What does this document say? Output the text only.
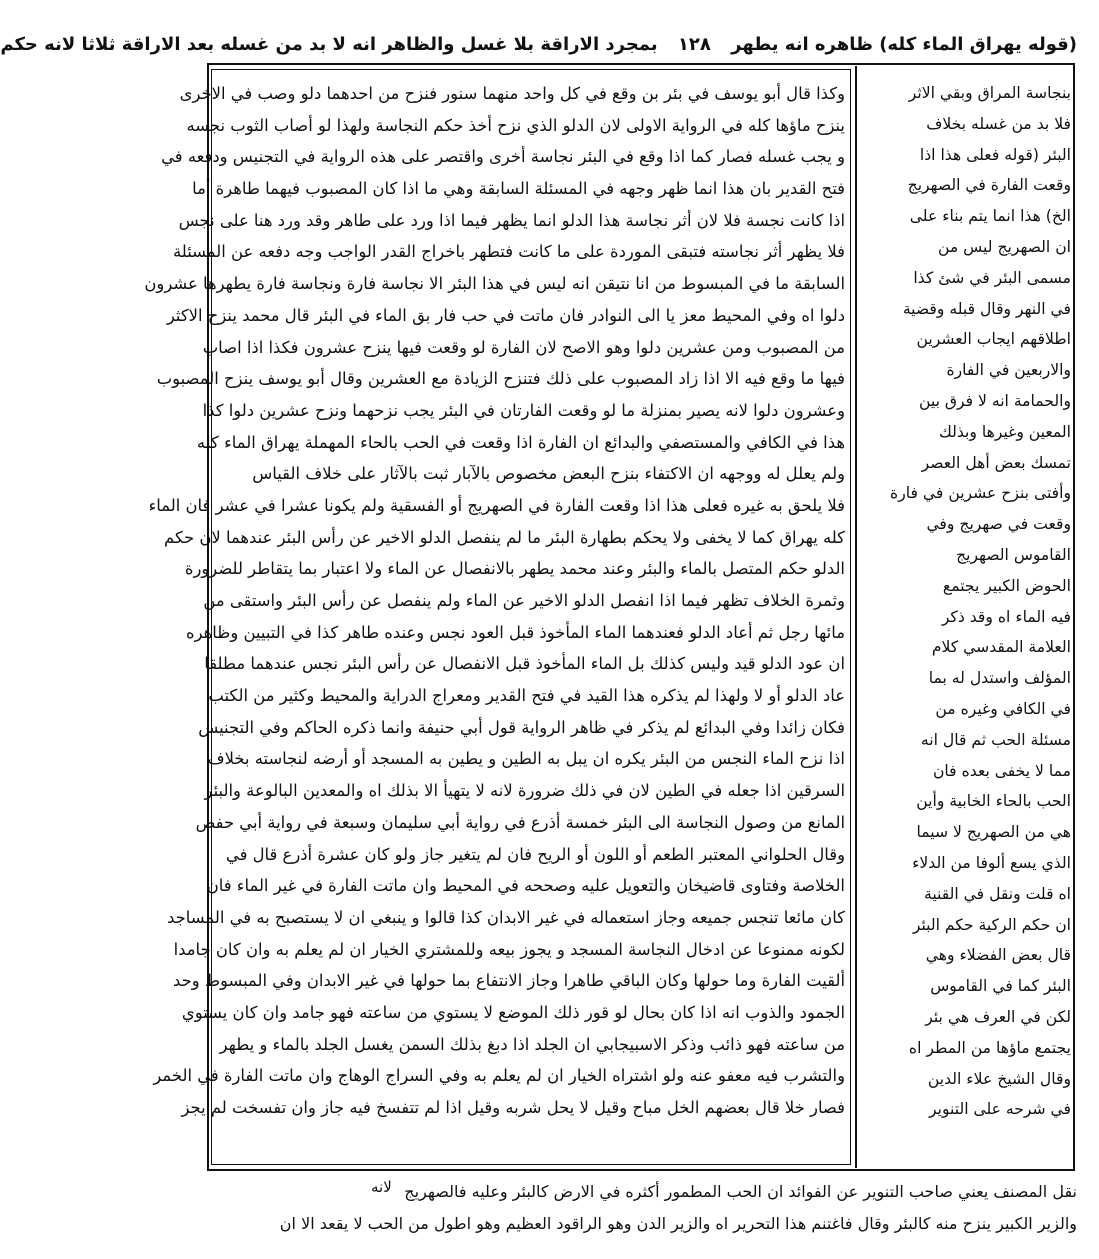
(قوله يهراق الماء كله) ظاهره انه يطهر ١٢٨ بمجرد الاراقة بلا غسل والظاهر انه لا بد من غسله بعد الاراقة ثلاثا لانه حكم

وكذا قال أبو يوسف في بئر بن وقع في كل واحد منهما سنور فنزح من احدهما دلو وصب في الاخرى

ينزح ماؤها كله في الرواية الاولى لان الدلو الذي نزح أخذ حكم النجاسة ولهذا لو أصاب الثوب نجسه

و يجب غسله فصار كما اذا وقع في البئر نجاسة أخرى واقتصر على هذه الرواية في التجنيس ودفعه في

فتح القدير بان هذا انما ظهر وجهه في المسئلة السابقة وهي ما اذا كان المصبوب فيهما طاهرة أما

اذا كانت نجسة فلا لان أثر نجاسة هذا الدلو انما يظهر فيما اذا ورد على طاهر وقد ورد هنا على نجس

فلا يظهر أثر نجاسته فتبقى الموردة على ما كانت فتطهر باخراج القدر الواجب وجه دفعه عن المسئلة

السابقة ما في المبسوط من انا نتيقن انه ليس في هذا البئر الا نجاسة فارة ونجاسة فارة يطهرها عشرون

دلوا اه وفي المحيط معز يا الى النوادر فان ماتت في حب فار بق الماء في البئر قال محمد ينزح الاكثر

من المصبوب ومن عشرين دلوا وهو الاصح لان الفارة لو وقعت فيها ينزح عشرون فكذا اذا اصاب

فيها ما وقع فيه الا اذا زاد المصبوب على ذلك فتنزح الزيادة مع العشرين وقال أبو يوسف ينزح المصبوب

وعشرون دلوا لانه يصير بمنزلة ما لو وقعت الفارتان في البئر يجب نزحهما ونزح عشرين دلوا كذا

هذا في الكافي والمستصفي والبدائع ان الفارة اذا وقعت في الحب بالحاء المهملة يهراق الماء كله

ولم يعلل له ووجهه ان الاكتفاء بنزح البعض مخصوص بالآبار ثبت بالآثار على خلاف القياس

فلا يلحق به غيره فعلى هذا اذا وقعت الفارة في الصهريج أو الفسقية ولم يكونا عشرا في عشر فان الماء

كله يهراق كما لا يخفى ولا يحكم بطهارة البئر ما لم ينفصل الدلو الاخير عن رأس البئر عندهما لان حكم

الدلو حكم المتصل بالماء والبئر وعند محمد يطهر بالانفصال عن الماء ولا اعتبار بما يتقاطر للضرورة

وثمرة الخلاف تظهر فيما اذا انفصل الدلو الاخير عن الماء ولم ينفصل عن رأس البئر واستقى من

مائها رجل ثم أعاد الدلو فعندهما الماء المأخوذ قبل العود نجس وعنده طاهر كذا في التبيين وظاهره

ان عود الدلو قيد وليس كذلك بل الماء المأخوذ قبل الانفصال عن رأس البئر نجس عندهما مطلقا

عاد الدلو أو لا ولهذا لم يذكره هذا القيد في فتح القدير ومعراج الدراية والمحيط وكثير من الكتب

فكان زائدا وفي البدائع لم يذكر في ظاهر الرواية قول أبي حنيفة وانما ذكره الحاكم وفي التجنيس

اذا نزح الماء النجس من البئر يكره ان يبل به الطين و يطين به المسجد أو أرضه لنجاسته بخلاف

السرقين اذا جعله في الطين لان في ذلك ضرورة لانه لا يتهيأ الا بذلك اه والمعدين البالوعة والبئر

المانع من وصول النجاسة الى البئر خمسة أذرع في رواية أبي سليمان وسبعة في رواية أبي حفص

وقال الحلواني المعتبر الطعم أو اللون أو الريح فان لم يتغير جاز ولو كان عشرة أذرع قال في

الخلاصة وفتاوى قاضيخان والتعويل عليه وصححه في المحيط وان ماتت الفارة في غير الماء فان

كان مائعا تنجس جميعه وجاز استعماله في غير الابدان كذا قالوا و ينبغي ان لا يستصبح به في المساجد

لكونه ممنوعا عن ادخال النجاسة المسجد و يجوز بيعه وللمشتري الخيار ان لم يعلم به وان كان جامدا

ألقيت الفارة وما حولها وكان الباقي طاهرا وجاز الانتفاع بما حولها في غير الابدان وفي المبسوط وحد

الجمود والذوب انه اذا كان بحال لو قور ذلك الموضع لا يستوي من ساعته فهو جامد وان كان يستوي

من ساعته فهو ذائب وذكر الاسبيجابي ان الجلد اذا دبغ بذلك السمن يغسل الجلد بالماء و يطهر

والتشرب فيه معفو عنه ولو اشتراه الخيار ان لم يعلم به وفي السراج الوهاج وان ماتت الفارة في الخمر

فصار خلا قال بعضهم الخل مباح وقيل لا يحل شربه وقيل اذا لم تتفسخ فيه جاز وان تفسخت لم يجز

بنجاسة المراق وبقي الاثر

فلا بد من غسله بخلاف

البئر (قوله فعلى هذا اذا

وقعت الفارة في الصهريج

الخ) هذا انما يتم بناء على

ان الصهريج ليس من

مسمى البئر في شئ كذا

في النهر وقال قبله وقضية

اطلاقهم ايجاب العشرين

والاربعين في الفارة

والحمامة انه لا فرق بين

المعين وغيرها وبذلك

تمسك بعض أهل العصر

وأفتى بنزح عشرين في فارة

وقعت في صهريج وفي

القاموس الصهريج

الحوض الكبير يجتمع

فيه الماء اه وقد ذكر

العلامة المقدسي كلام

المؤلف واستدل له بما

في الكافي وغيره من

مسئلة الحب ثم قال انه

مما لا يخفى بعده فان

الحب بالحاء الخابية وأين

هي من الصهريج لا سيما

الذي يسع ألوفا من الدلاء

اه قلت ونقل في القنية

ان حكم الركية حكم البئر

قال بعض الفضلاء وهي

البئر كما في القاموس

لكن في العرف هي بئر

يجتمع ماؤها من المطر اه

وقال الشيخ علاء الدين

في شرحه على التنوير

نقل المصنف يعني صاحب التنوير عن الفوائد ان الحب المطمور أكثره في الارض كالبئر وعليه فالصهريج

والزير الكبير ينزح منه كالبئر وقال فاغتنم هذا التحرير اه والزير الدن وهو الراقود العظيم وهو اطول من الحب لا يقعد الا ان

لانه
